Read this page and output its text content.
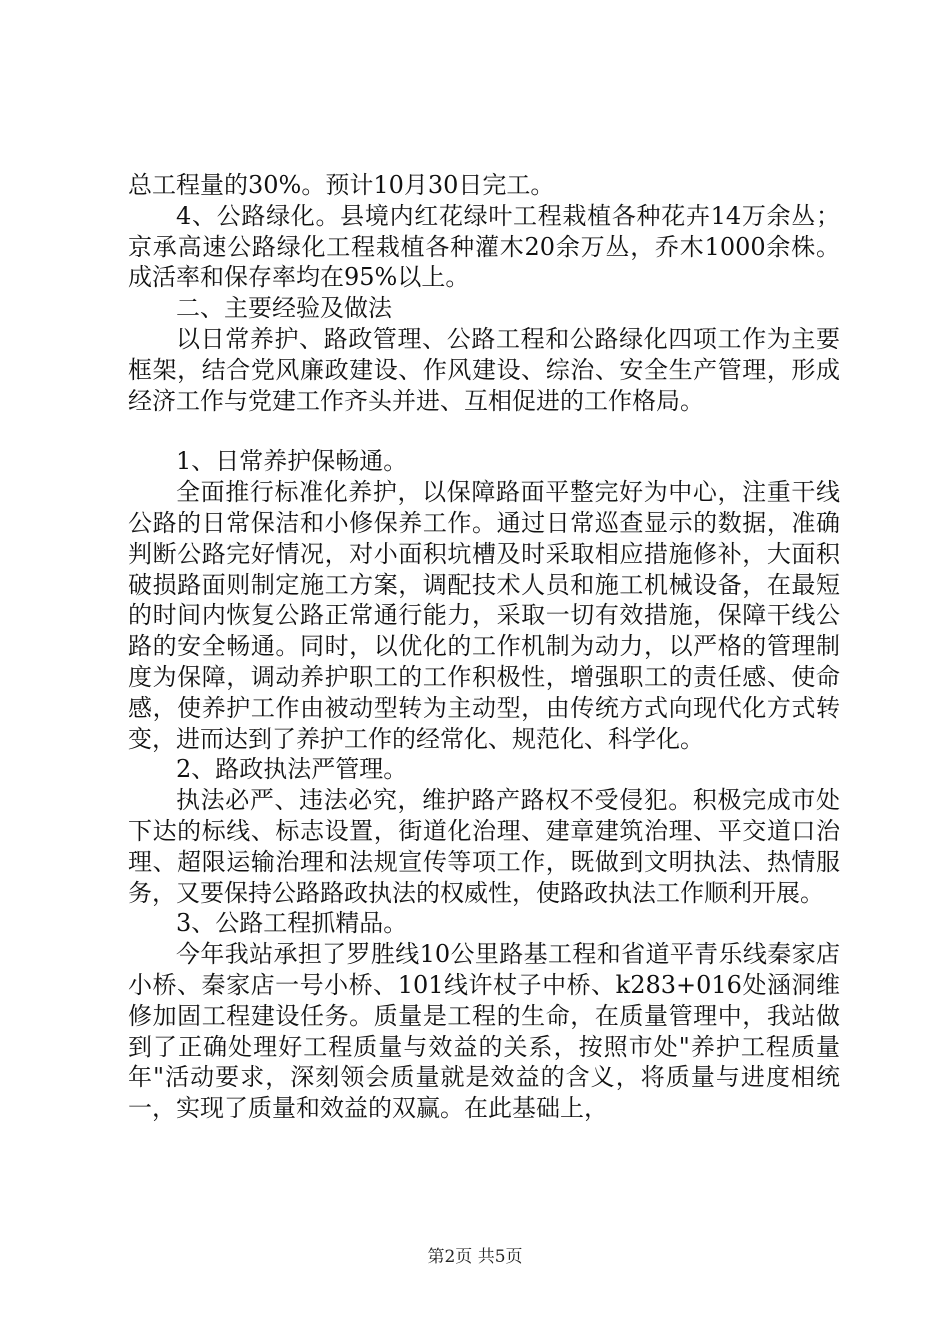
总工程量的30%。预计10月30日完工。

4、公路绿化。县境内红花绿叶工程栽植各种花卉14万余丛；京承高速公路绿化工程栽植各种灌木20余万丛，乔木1000余株。成活率和保存率均在95%以上。

二、主要经验及做法

以日常养护、路政管理、公路工程和公路绿化四项工作为主要框架，结合党风廉政建设、作风建设、综治、安全生产管理，形成经济工作与党建工作齐头并进、互相促进的工作格局。

1、日常养护保畅通。

全面推行标准化养护，以保障路面平整完好为中心，注重干线公路的日常保洁和小修保养工作。通过日常巡查显示的数据，准确判断公路完好情况，对小面积坑槽及时采取相应措施修补，大面积破损路面则制定施工方案，调配技术人员和施工机械设备，在最短的时间内恢复公路正常通行能力，采取一切有效措施，保障干线公路的安全畅通。同时，以优化的工作机制为动力，以严格的管理制度为保障，调动养护职工的工作积极性，增强职工的责任感、使命感，使养护工作由被动型转为主动型，由传统方式向现代化方式转变，进而达到了养护工作的经常化、规范化、科学化。

2、路政执法严管理。

执法必严、违法必究，维护路产路权不受侵犯。积极完成市处下达的标线、标志设置，街道化治理、建章建筑治理、平交道口治理、超限运输治理和法规宣传等项工作，既做到文明执法、热情服务，又要保持公路路政执法的权威性，使路政执法工作顺利开展。

3、公路工程抓精品。

今年我站承担了罗胜线10公里路基工程和省道平青乐线秦家店小桥、秦家店一号小桥、101线许杖子中桥、k283+016处涵洞维修加固工程建设任务。质量是工程的生命，在质量管理中，我站做到了正确处理好工程质量与效益的关系，按照市处"养护工程质量年"活动要求，深刻领会质量就是效益的含义，将质量与进度相统一，实现了质量和效益的双赢。在此基础上，

第2页 共5页
